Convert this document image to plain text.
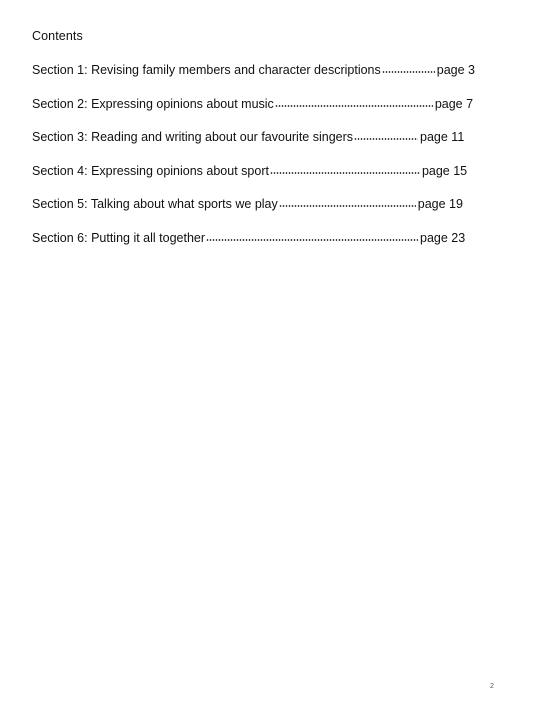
Contents
Section 1: Revising family members and character descriptions	page 3
Section 2: Expressing opinions about music	page 7
Section 3: Reading and writing about our favourite singers	page 11
Section 4: Expressing opinions about sport	page 15
Section 5: Talking about what sports we play	page 19
Section 6: Putting it all together	page 23
2
